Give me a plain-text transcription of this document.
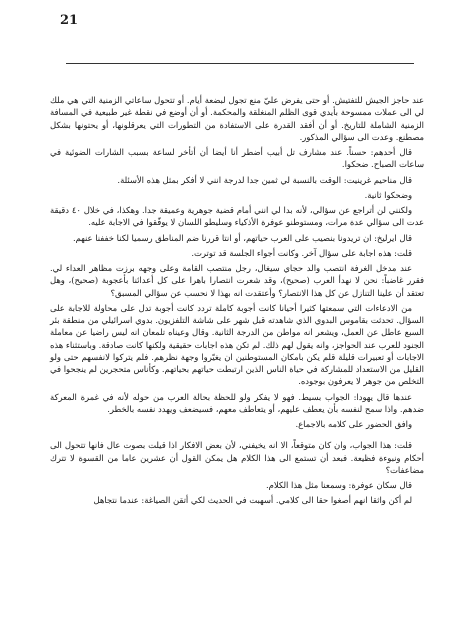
21

عند حاجز الجيش للتفتيش. أو حتى يفرض عليّ منع تجول لبضعة أيام. أو تتحول ساعاتي الزمنية التي هي ملك لي الى عملات ممسوحة بأيدي قوى الظلم المنغلقة والمحكمة. أو أن أوضع في نقطة غير طبيعية في المسافة الزمنية الشاملة للتاريخ. أو أن أفقد القدرة على الاستفادة من التطورات التي يعرقلونها، أو يحتونها بشكل مصطنع. وعدت الى سؤالي المذكور.

قال أحدهم: حسناً. عند مشارف تل أبيب أضطر أنا أيضا أن أتأخر لساعة بسبب الشارات الضوئية في ساعات الصباح. ضحكوا.

قال مناحيم غرينيت: الوقت بالنسبة لي ثمين جدا لدرجة انني لا أفكر بمثل هذه الأسئلة.

وضحكوا ثانية.

ولكنني لن أتراجع عن سؤالي، لأنه بدا لي انني أمام قضية جوهرية وعميقة جدا. وهكذا، في خلال ٤٠ دقيقة عدت الى سؤالي عدة مرات، ومستوطنو عوفرة الأذكياء وسليطو اللسان لا يوفّقوا في الاجابة عليه.

قال ايرليخ: ان تريدونا بنصيب على العرب حياتهم، أو انتا قررنا ضم المناطق رسميا لكنا خففنا عنهم.

قلت: هذه اجابة على سؤال آخر. وكانت أجواء الجلسة قد توترت.

عند مدخل الغرفة انتصب والد حجاي سيغال، رجل منتصب القامة وعلى وجهه برزت مظاهر العداء لي. فقرر غاضباً: نحن لا نهدأ العرب (صحيح)، وقد شعرت انتصارا باهرا على كل أعدائنا بأعجوبة (صحيح)، وهل تعتقد أن علينا التنازل عن كل هذا الانتصار؟ وأعتقدت انه بهذا لا نحسب عن سؤالي المسبق؟

من الادعاءات التي سمعتها كثيرا أحيانا كانت أجوبة كاملة تردد كانت أجوبة تدل على محاولة للاجابة على السؤال. تحدثت بقاموس البدوي الذي شاهدته قبل شهر على شاشة التلفزيون. بدوي اسرائيلي من منطقة بئر السبع عاطل عن العمل، ويشعر انه مواطن من الدرجة الثانية. وقال وعيناه تلمعان انه ليس راضيا عن معاملة الجنود للعرب عند الحواجز، وانه يقول لهم ذلك. لم تكن هذه اجابات حقيقية ولكنها كانت صادقة. وباستثناء هذه الاجابات أو تعبيرات قليلة قلم يكن بامكان المستوطنين ان يغيّروا وجهة نظرهم. فلم يتركوا لانفسهم حتى ولو القليل من الاستعداد للمشاركة في حياة الناس الذين ارتبطت حياتهم بحياتهم. وكأناس متحجرين لم ينجحوا في التخلص من جوهر لا يعرفون بوجوده.

عندها قال يهودا: الجواب بسيط. فهو لا يفكر ولو للحظة بحالة العرب من حوله لأنه في غمرة المعركة ضدهم. واذا سمح لنفسه بأن يعطف عليهم، أو يتعاطف معهم، فسيضعف ويهدد نفسه بالخطر.

وافق الحضور على كلامه بالاجماع.

قلت: هذا الجواب، وان كان متوقعاً، الا انه يخيفني، لأن بعض الافكار اذا قيلت بصوت عال فانها تتحول الى أحكام ونبوءة فظيعة. فبعد أن تستمع الى هذا الكلام هل يمكن القول أن عشرين عاما من القسوة لا تترك مضاعفات؟

قال سكان عوفرة: وسمعنا مثل هذا الكلام.

لم أكن واثقا انهم أصغوا حقا الى كلامي. أسهبت في الحديث لكي أتقن الصياغة: عندما نتجاهل
